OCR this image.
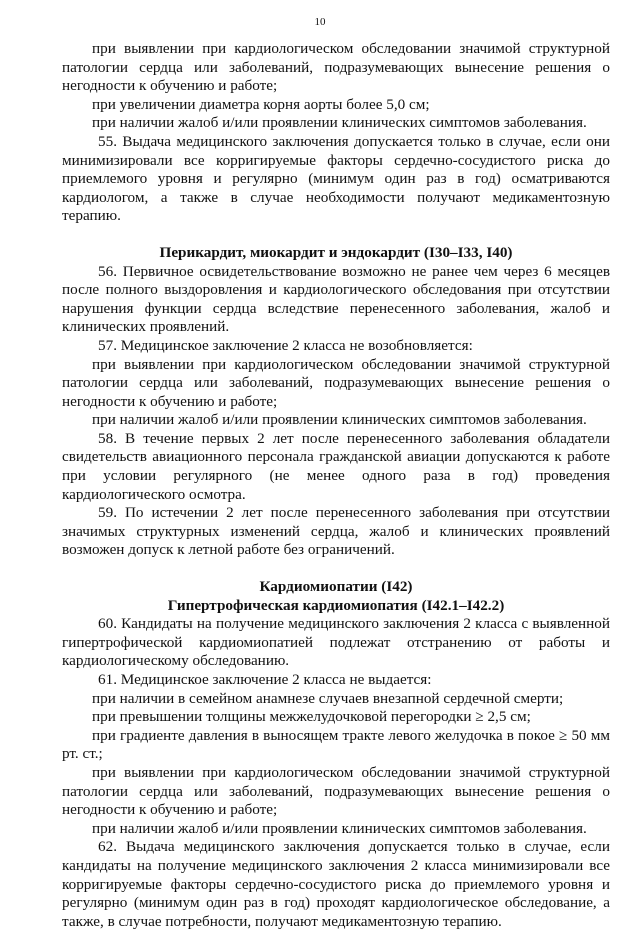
10

при выявлении при кардиологическом обследовании значимой структурной патологии сердца или заболеваний, подразумевающих вынесение решения о негодности к обучению и работе;

при увеличении диаметра корня аорты более 5,0 см;

при наличии жалоб и/или проявлении клинических симптомов заболевания.

55. Выдача медицинского заключения допускается только в случае, если они минимизировали все корригируемые факторы сердечно-сосудистого риска до приемлемого уровня и регулярно (минимум один раз в год) осматриваются кардиологом, а также в случае необходимости получают медикаментозную терапию.

Перикардит, миокардит и эндокардит (I30–I33, I40)

56. Первичное освидетельствование возможно не ранее чем через 6 месяцев после полного выздоровления и кардиологического обследования при отсутствии нарушения функции сердца вследствие перенесенного заболевания, жалоб и клинических проявлений.

57. Медицинское заключение 2 класса не возобновляется:

при выявлении при кардиологическом обследовании значимой структурной патологии сердца или заболеваний, подразумевающих вынесение решения о негодности к обучению и работе;

при наличии жалоб и/или проявлении клинических симптомов заболевания.

58. В течение первых 2 лет после перенесенного заболевания обладатели свидетельств авиационного персонала гражданской авиации допускаются к работе при условии регулярного (не менее одного раза в год) проведения кардиологического осмотра.

59. По истечении 2 лет после перенесенного заболевания при отсутствии значимых структурных изменений сердца, жалоб и клинических проявлений возможен допуск к летной работе без ограничений.

Кардиомиопатии (I42)
Гипертрофическая кардиомиопатия (I42.1–I42.2)

60. Кандидаты на получение медицинского заключения 2 класса с выявленной гипертрофической кардиомиопатией подлежат отстранению от работы и кардиологическому обследованию.

61. Медицинское заключение 2 класса не выдается:

при наличии в семейном анамнезе случаев внезапной сердечной смерти;

при превышении толщины межжелудочковой перегородки ≥ 2,5 см;

при градиенте давления в выносящем тракте левого желудочка в покое ≥ 50 мм рт. ст.;

при выявлении при кардиологическом обследовании значимой структурной патологии сердца или заболеваний, подразумевающих вынесение решения о негодности к обучению и работе;

при наличии жалоб и/или проявлении клинических симптомов заболевания.

62. Выдача медицинского заключения допускается только в случае, если кандидаты на получение медицинского заключения 2 класса минимизировали все корригируемые факторы сердечно-сосудистого риска до приемлемого уровня и регулярно (минимум один раз в год) проходят кардиологическое обследование, а также, в случае потребности, получают медикаментозную терапию.
